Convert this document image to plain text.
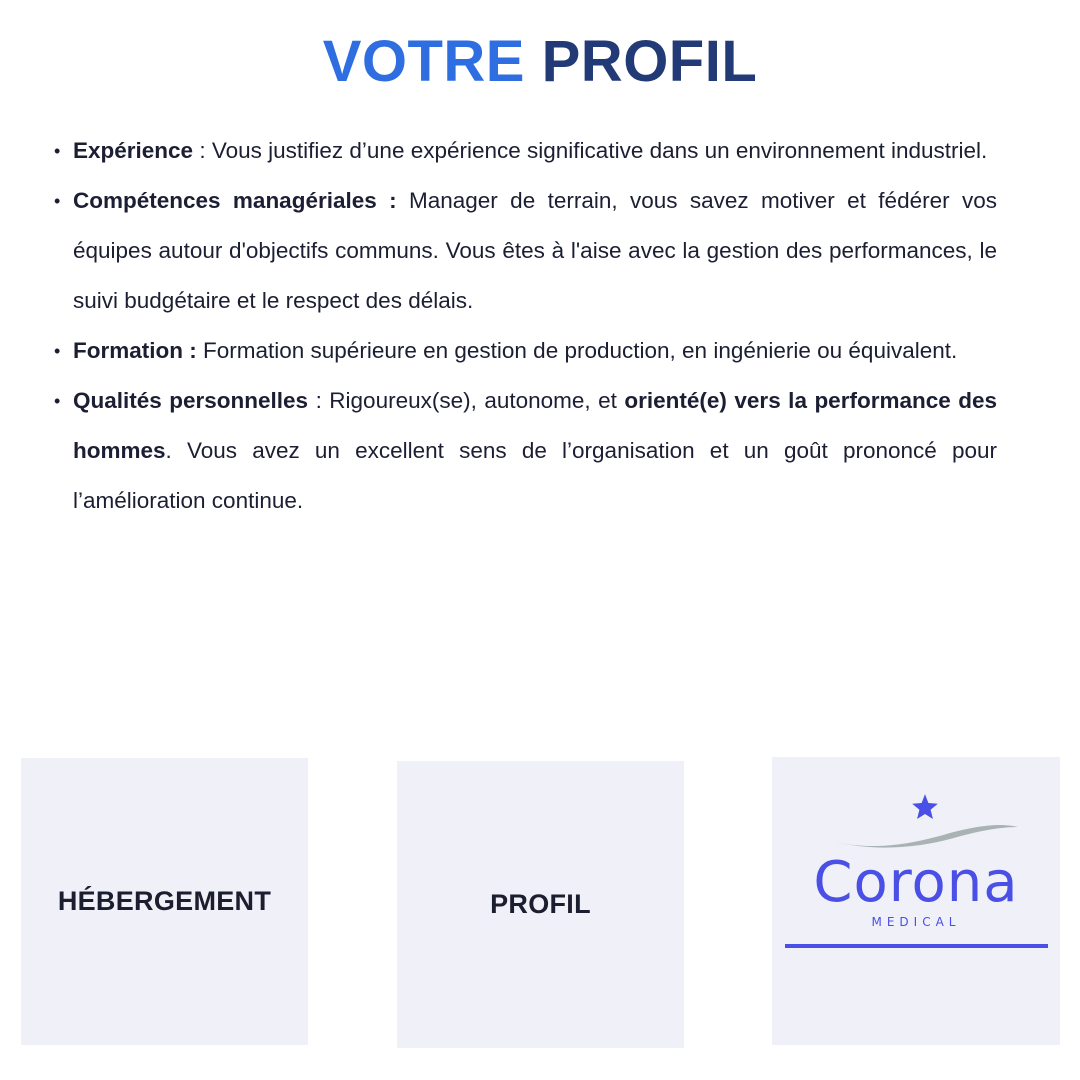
VOTRE PROFIL
• Expérience : Vous justifiez d’une expérience significative dans un environnement industriel.
• Compétences managériales : Manager de terrain, vous savez motiver et fédérer vos équipes autour d'objectifs communs. Vous êtes à l'aise avec la gestion des performances, le suivi budgétaire et le respect des délais.
• Formation : Formation supérieure en gestion de production, en ingénierie ou équivalent.
• Qualités personnelles : Rigoureux(se), autonome, et orienté(e) vers la performance des hommes. Vous avez un excellent sens de l’organisation et un goût prononcé pour l’amélioration continue.
HÉBERGEMENT	PROFIL	Corona
MEDICAL
